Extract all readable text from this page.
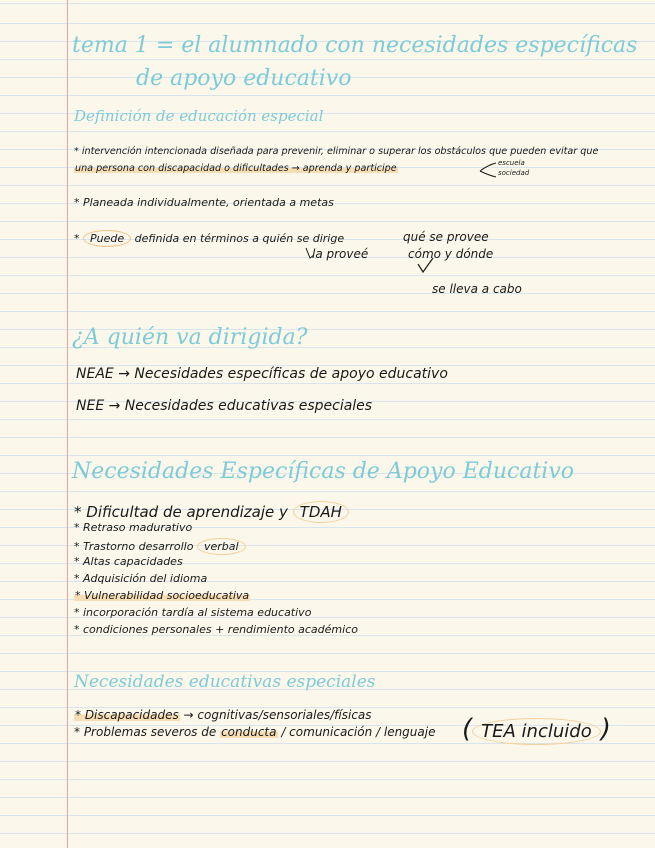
tema 1 = el alumnado con necesidades específicas
de apoyo educativo
Definición de educación especial
* intervención intencionada diseñada para prevenir, eliminar o superar los obstáculos que pueden evitar que
una persona con discapacidad o dificultades → aprenda y participe	escuela
sociedad
* Planeada individualmente, orientada a metas
* Puede definida en términos a quién se dirige	qué se provee
la proveé	cómo y dónde
se lleva a cabo
¿A quién va dirigida?
NEAE → Necesidades específicas de apoyo educativo
NEE → Necesidades educativas especiales
Necesidades Específicas de Apoyo Educativo
* Dificultad de aprendizaje y TDAH
* Retraso madurativo
* Trastorno desarrollo verbal
* Altas capacidades
* Adquisición del idioma
* Vulnerabilidad socioeducativa
* incorporación tardía al sistema educativo
* condiciones personales + rendimiento académico
Necesidades educativas especiales
* Discapacidades → cognitivas/sensoriales/físicas
* Problemas severos de conducta / comunicación / lenguaje ( TEA incluido )
